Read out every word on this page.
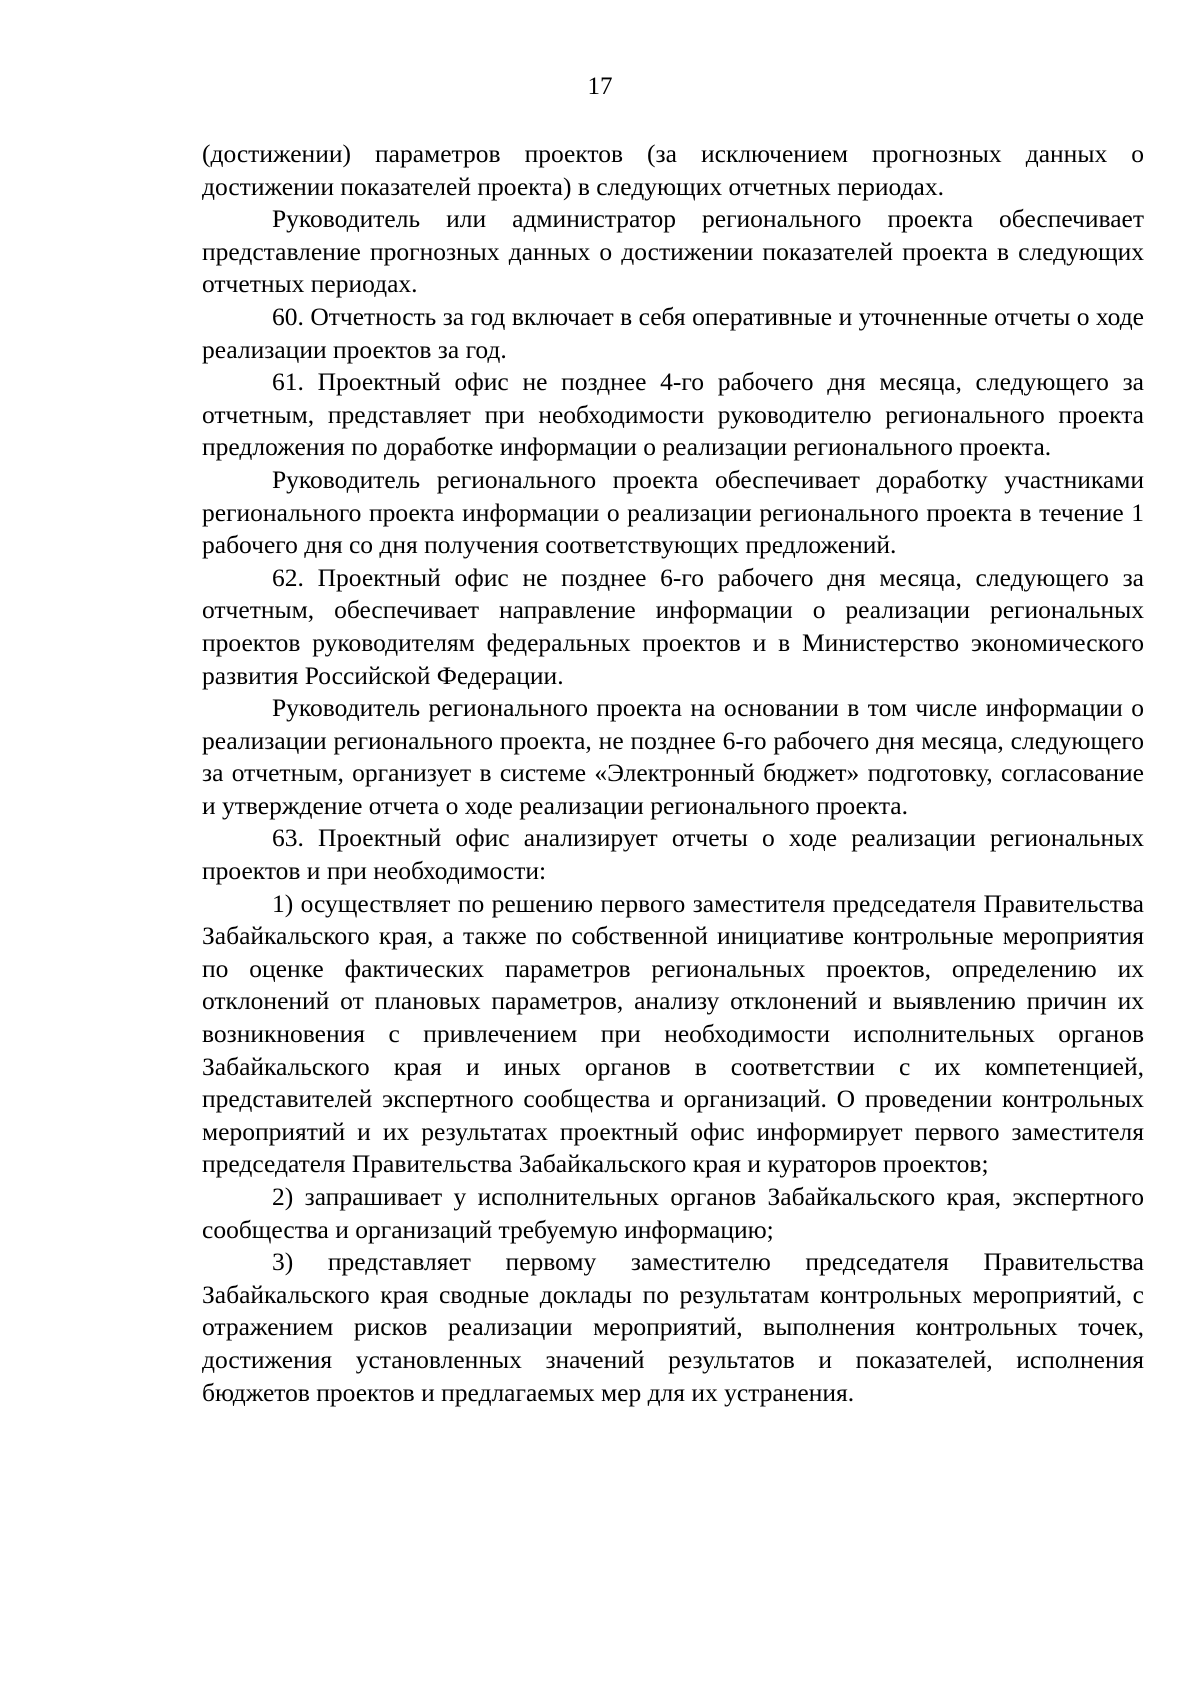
17

(достижении) параметров проектов (за исключением прогнозных данных о достижении показателей проекта) в следующих отчетных периодах.

Руководитель или администратор регионального проекта обеспечивает представление прогнозных данных о достижении показателей проекта в следующих отчетных периодах.

60. Отчетность за год включает в себя оперативные и уточненные отчеты о ходе реализации проектов за год.

61. Проектный офис не позднее 4-го рабочего дня месяца, следующего за отчетным, представляет при необходимости руководителю регионального проекта предложения по доработке информации о реализации регионального проекта.

Руководитель регионального проекта обеспечивает доработку участниками регионального проекта информации о реализации регионального проекта в течение 1 рабочего дня со дня получения соответствующих предложений.

62. Проектный офис не позднее 6-го рабочего дня месяца, следующего за отчетным, обеспечивает направление информации о реализации региональных проектов руководителям федеральных проектов и в Министерство экономического развития Российской Федерации.

Руководитель регионального проекта на основании в том числе информации о реализации регионального проекта, не позднее 6-го рабочего дня месяца, следующего за отчетным, организует в системе «Электронный бюджет» подготовку, согласование и утверждение отчета о ходе реализации регионального проекта.

63. Проектный офис анализирует отчеты о ходе реализации региональных проектов и при необходимости:

1) осуществляет по решению первого заместителя председателя Правительства Забайкальского края, а также по собственной инициативе контрольные мероприятия по оценке фактических параметров региональных проектов, определению их отклонений от плановых параметров, анализу отклонений и выявлению причин их возникновения с привлечением при необходимости исполнительных органов Забайкальского края и иных органов в соответствии с их компетенцией, представителей экспертного сообщества и организаций. О проведении контрольных мероприятий и их результатах проектный офис информирует первого заместителя председателя Правительства Забайкальского края и кураторов проектов;

2) запрашивает у исполнительных органов Забайкальского края, экспертного сообщества и организаций требуемую информацию;

3) представляет первому заместителю председателя Правительства Забайкальского края сводные доклады по результатам контрольных мероприятий, с отражением рисков реализации мероприятий, выполнения контрольных точек, достижения установленных значений результатов и показателей, исполнения бюджетов проектов и предлагаемых мер для их устранения.
